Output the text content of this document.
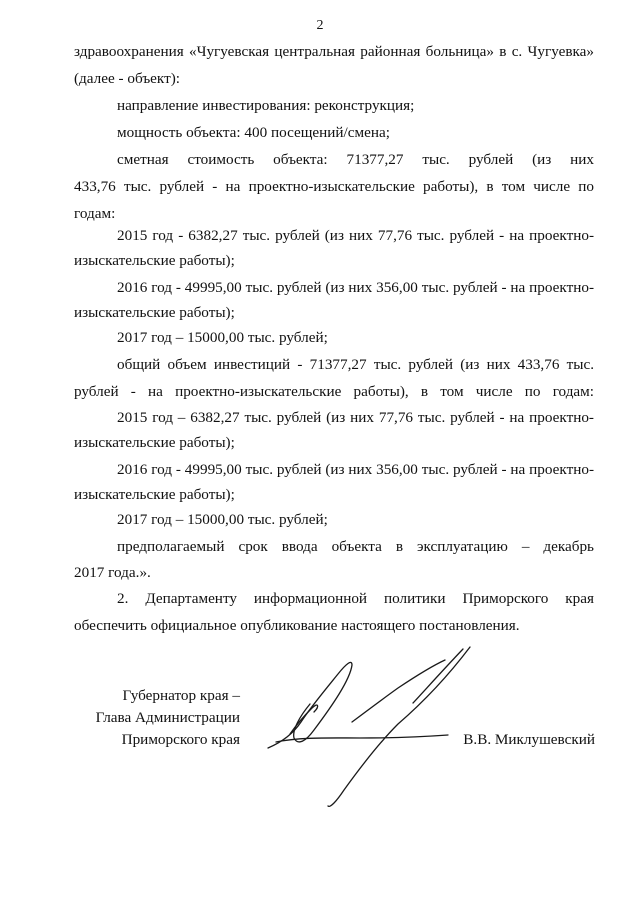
2
здравоохранения «Чугуевская центральная районная больница» в с. Чугуевка»
(далее - объект):
направление инвестирования: реконструкция;
мощность объекта: 400 посещений/смена;
сметная стоимость объекта: 71377,27 тыс. рублей (из них
433,76 тыс. рублей - на проектно-изыскательские работы), в том числе по
годам:
2015 год - 6382,27 тыс. рублей (из них 77,76 тыс. рублей - на проектно-
изыскательские работы);
2016 год - 49995,00 тыс. рублей (из них 356,00 тыс. рублей - на проектно-
изыскательские работы);
2017 год – 15000,00 тыс. рублей;
общий объем инвестиций - 71377,27 тыс. рублей (из них 433,76 тыс.
рублей - на проектно-изыскательские работы), в том числе по годам:
2015 год – 6382,27 тыс. рублей (из них 77,76 тыс. рублей - на проектно-
изыскательские работы);
2016 год - 49995,00 тыс. рублей (из них 356,00 тыс. рублей - на проектно-
изыскательские работы);
2017 год – 15000,00 тыс. рублей;
предполагаемый срок ввода объекта в эксплуатацию – декабрь
2017 года.».
2. Департаменту информационной политики Приморского края
обеспечить официальное опубликование настоящего постановления.
Губернатор края –
Глава Администрации
Приморского края	В.В. Миклушевский
